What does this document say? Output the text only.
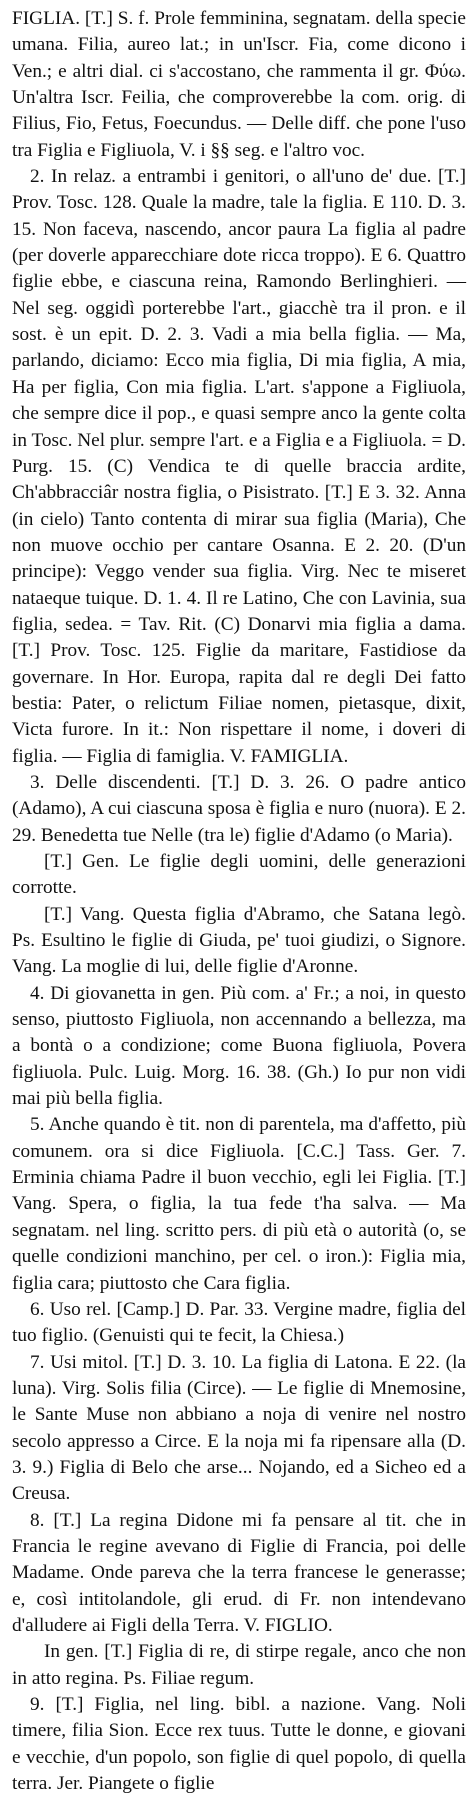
FIGLIA. [T.] S. f. Prole femminina, segnatam. della specie umana. Filia, aureo lat.; in un'Iscr. Fia, come dicono i Ven.; e altri dial. ci s'accostano, che rammenta il gr. Φύω. Un'altra Iscr. Feilia, che comproverebbe la com. orig. di Filius, Fio, Fetus, Foecundus. — Delle diff. che pone l'uso tra Figlia e Figliuola, V. i §§ seg. e l'altro voc.

2. In relaz. a entrambi i genitori, o all'uno de' due. [T.] Prov. Tosc. 128. Quale la madre, tale la figlia. E 110. D. 3. 15. Non faceva, nascendo, ancor paura La figlia al padre (per doverle apparecchiare dote ricca troppo). E 6. Quattro figlie ebbe, e ciascuna reina, Ramondo Berlinghieri. — Nel seg. oggidì porterebbe l'art., giacchè tra il pron. e il sost. è un epit. D. 2. 3. Vadi a mia bella figlia. — Ma, parlando, diciamo: Ecco mia figlia, Di mia figlia, A mia, Ha per figlia, Con mia figlia. L'art. s'appone a Figliuola, che sempre dice il pop., e quasi sempre anco la gente colta in Tosc. Nel plur. sempre l'art. e a Figlia e a Figliuola. = D. Purg. 15. (C) Vendica te di quelle braccia ardite, Ch'abbracciâr nostra figlia, o Pisistrato. [T.] E 3. 32. Anna (in cielo) Tanto contenta di mirar sua figlia (Maria), Che non muove occhio per cantare Osanna. E 2. 20. (D'un principe): Veggo vender sua figlia. Virg. Nec te miseret nataeque tuique. D. 1. 4. Il re Latino, Che con Lavinia, sua figlia, sedea. = Tav. Rit. (C) Donarvi mia figlia a dama. [T.] Prov. Tosc. 125. Figlie da maritare, Fastidiose da governare. In Hor. Europa, rapita dal re degli Dei fatto bestia: Pater, o relictum Filiae nomen, pietasque, dixit, Victa furore. In it.: Non rispettare il nome, i doveri di figlia. — Figlia di famiglia. V. FAMIGLIA.

3. Delle discendenti. [T.] D. 3. 26. O padre antico (Adamo), A cui ciascuna sposa è figlia e nuro (nuora). E 2. 29. Benedetta tue Nelle (tra le) figlie d'Adamo (o Maria).

[T.] Gen. Le figlie degli uomini, delle generazioni corrotte.

[T.] Vang. Questa figlia d'Abramo, che Satana legò. Ps. Esultino le figlie di Giuda, pe' tuoi giudizi, o Signore. Vang. La moglie di lui, delle figlie d'Aronne.

4. Di giovanetta in gen. Più com. a' Fr.; a noi, in questo senso, piuttosto Figliuola, non accennando a bellezza, ma a bontà o a condizione; come Buona figliuola, Povera figliuola. Pulc. Luig. Morg. 16. 38. (Gh.) Io pur non vidi mai più bella figlia.

5. Anche quando è tit. non di parentela, ma d'affetto, più comunem. ora si dice Figliuola. [C.C.] Tass. Ger. 7. Erminia chiama Padre il buon vecchio, egli lei Figlia. [T.] Vang. Spera, o figlia, la tua fede t'ha salva. — Ma segnatam. nel ling. scritto pers. di più età o autorità (o, se quelle condizioni manchino, per cel. o iron.): Figlia mia, figlia cara; piuttosto che Cara figlia.

6. Uso rel. [Camp.] D. Par. 33. Vergine madre, figlia del tuo figlio. (Genuisti qui te fecit, la Chiesa.)

7. Usi mitol. [T.] D. 3. 10. La figlia di Latona. E 22. (la luna). Virg. Solis filia (Circe). — Le figlie di Mnemosine, le Sante Muse non abbiano a noja di venire nel nostro secolo appresso a Circe. E la noja mi fa ripensare alla (D. 3. 9.) Figlia di Belo che arse... Nojando, ed a Sicheo ed a Creusa.

8. [T.] La regina Didone mi fa pensare al tit. che in Francia le regine avevano di Figlie di Francia, poi delle Madame. Onde pareva che la terra francese le generasse; e, così intitolandole, gli erud. di Fr. non intendevano d'alludere ai Figli della Terra. V. FIGLIO.

In gen. [T.] Figlia di re, di stirpe regale, anco che non in atto regina. Ps. Filiae regum.

9. [T.] Figlia, nel ling. bibl. a nazione. Vang. Noli timere, filia Sion. Ecce rex tuus. Tutte le donne, e giovani e vecchie, d'un popolo, son figlie di quel popolo, di quella terra. Jer. Piangete o figlie
